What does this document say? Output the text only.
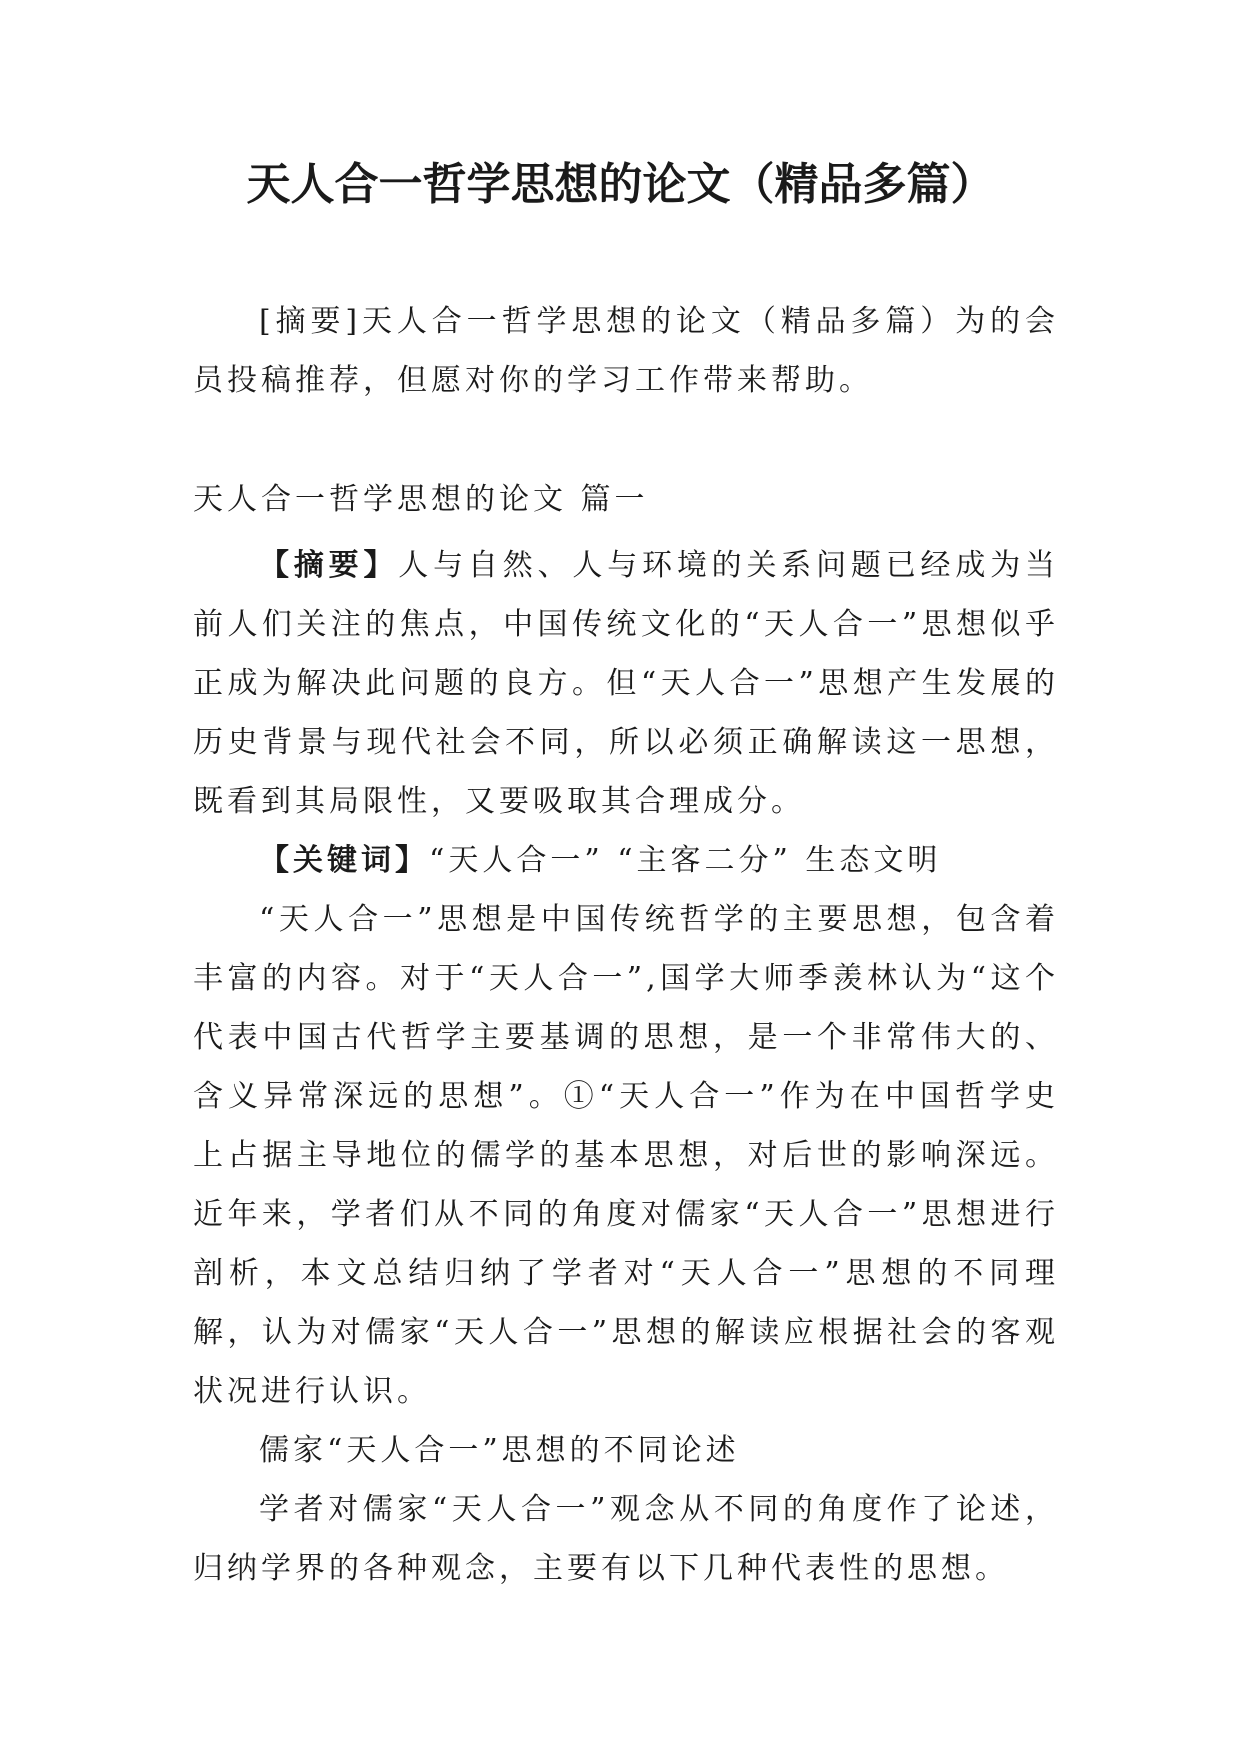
天人合一哲学思想的论文（精品多篇）

[摘要]天人合一哲学思想的论文（精品多篇）为的会员投稿推荐，但愿对你的学习工作带来帮助。

天人合一哲学思想的论文 篇一

【摘要】人与自然、人与环境的关系问题已经成为当前人们关注的焦点，中国传统文化的“天人合一”思想似乎正成为解决此问题的良方。但“天人合一”思想产生发展的历史背景与现代社会不同，所以必须正确解读这一思想，既看到其局限性，又要吸取其合理成分。

【关键词】“天人合一” “主客二分” 生态文明

“天人合一”思想是中国传统哲学的主要思想，包含着丰富的内容。对于“天人合一”,国学大师季羡林认为“这个代表中国古代哲学主要基调的思想，是一个非常伟大的、含义异常深远的思想”。①“天人合一”作为在中国哲学史上占据主导地位的儒学的基本思想，对后世的影响深远。近年来，学者们从不同的角度对儒家“天人合一”思想进行剖析，本文总结归纳了学者对“天人合一”思想的不同理解，认为对儒家“天人合一”思想的解读应根据社会的客观状况进行认识。

儒家“天人合一”思想的不同论述

学者对儒家“天人合一”观念从不同的角度作了论述，归纳学界的各种观念，主要有以下几种代表性的思想。
